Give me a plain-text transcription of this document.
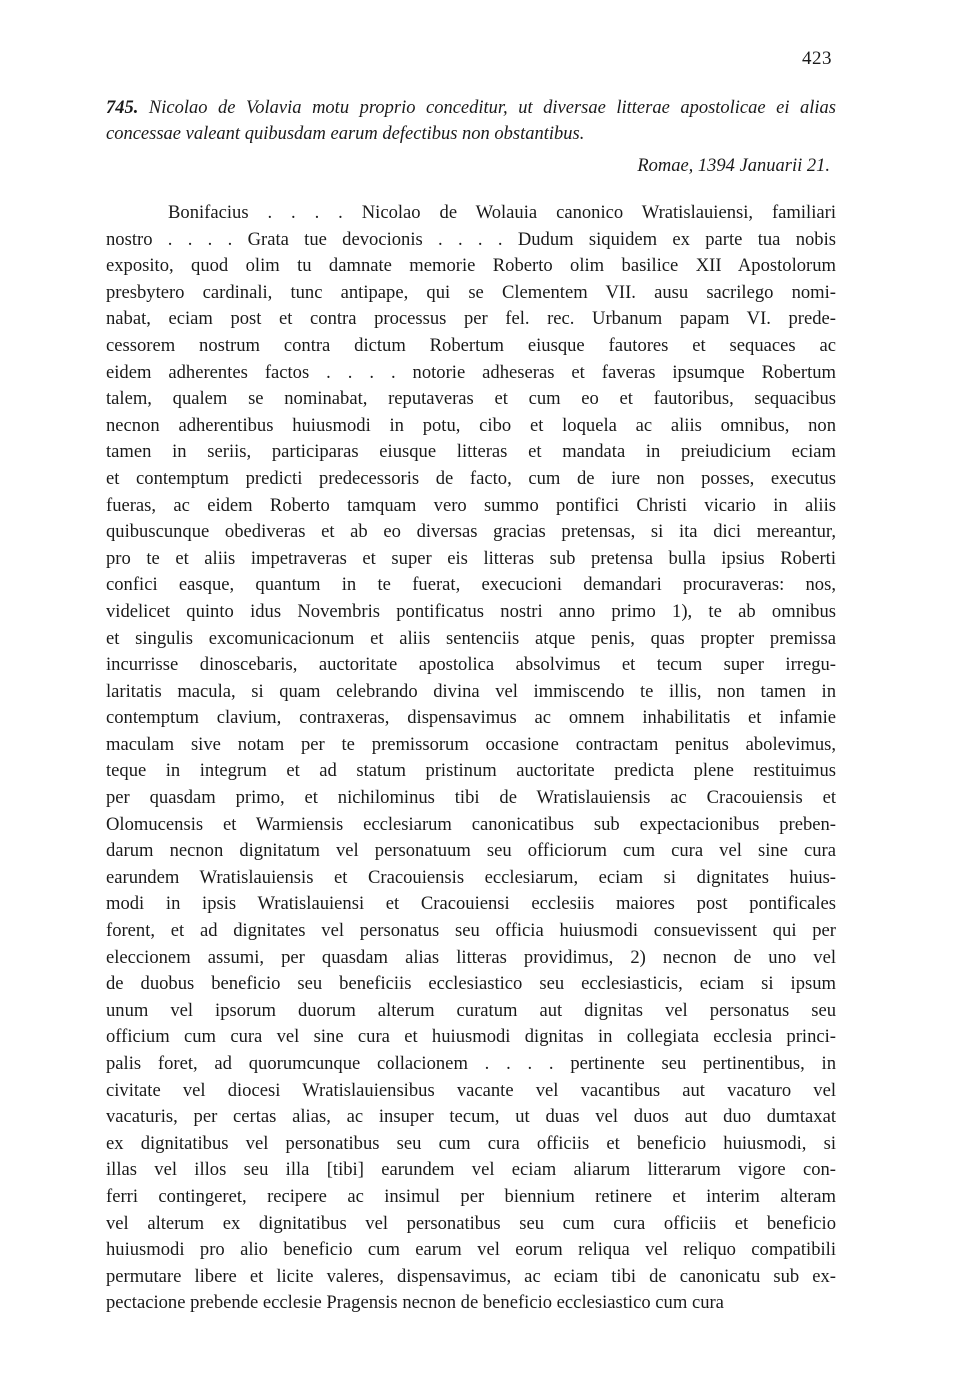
423
745. Nicolao de Volavia motu proprio conceditur, ut diversae litterae apostolicae ei alias concessae valeant quibusdam earum defectibus non obstantibus.
Romae, 1394 Januarii 21.
Bonifacius . . . . Nicolao de Wolauia canonico Wratislauiensi, familiari
nostro . . . . Grata tue devocionis . . . . Dudum siquidem ex parte tua nobis
exposito, quod olim tu damnate memorie Roberto olim basilice XII Apostolorum
presbytero cardinali, tunc antipape, qui se Clementem VII. ausu sacrilego nomi-
nabat, eciam post et contra processus per fel. rec. Urbanum papam VI. prede-
cessorem nostrum contra dictum Robertum eiusque fautores et sequaces ac
eidem adherentes factos . . . . notorie adheseras et faveras ipsumque Robertum
talem, qualem se nominabat, reputaveras et cum eo et fautoribus, sequacibus
necnon adherentibus huiusmodi in potu, cibo et loquela ac aliis omnibus, non
tamen in seriis, participaras eiusque litteras et mandata in preiudicium eciam
et contemptum predicti predecessoris de facto, cum de iure non posses, executus
fueras, ac eidem Roberto tamquam vero summo pontifici Christi vicario in aliis
quibuscunque obediveras et ab eo diversas gracias pretensas, si ita dici mereantur,
pro te et aliis impetraveras et super eis litteras sub pretensa bulla ipsius Roberti
confici easque, quantum in te fuerat, execucioni demandari procuraveras: nos,
videlicet quinto idus Novembris pontificatus nostri anno primo 1), te ab omnibus
et singulis excomunicacionum et aliis sentenciis atque penis, quas propter premissa
incurrisse dinoscebaris, auctoritate apostolica absolvimus et tecum super irregu-
laritatis macula, si quam celebrando divina vel immiscendo te illis, non tamen in
contemptum clavium, contraxeras, dispensavimus ac omnem inhabilitatis et infamie
maculam sive notam per te premissorum occasione contractam penitus abolevimus,
teque in integrum et ad statum pristinum auctoritate predicta plene restituimus
per quasdam primo, et nichilominus tibi de Wratislauiensis ac Cracouiensis et
Olomucensis et Warmiensis ecclesiarum canonicatibus sub expectacionibus preben-
darum necnon dignitatum vel personatuum seu officiorum cum cura vel sine cura
earundem Wratislauiensis et Cracouiensis ecclesiarum, eciam si dignitates huius-
modi in ipsis Wratislauiensi et Cracouiensi ecclesiis maiores post pontificales
forent, et ad dignitates vel personatus seu officia huiusmodi consuevissent qui per
eleccionem assumi, per quasdam alias litteras providimus, 2) necnon de uno vel
de duobus beneficio seu beneficiis ecclesiastico seu ecclesiasticis, eciam si ipsum
unum vel ipsorum duorum alterum curatum aut dignitas vel personatus seu
officium cum cura vel sine cura et huiusmodi dignitas in collegiata ecclesia princi-
palis foret, ad quorumcunque collacionem . . . . pertinente seu pertinentibus, in
civitate vel diocesi Wratislauiensibus vacante vel vacantibus aut vacaturo vel
vacaturis, per certas alias, ac insuper tecum, ut duas vel duos aut duo dumtaxat
ex dignitatibus vel personatibus seu cum cura officiis et beneficio huiusmodi, si
illas vel illos seu illa [tibi] earundem vel eciam aliarum litterarum vigore con-
ferri contingeret, recipere ac insimul per biennium retinere et interim alteram
vel alterum ex dignitatibus vel personatibus seu cum cura officiis et beneficio
huiusmodi pro alio beneficio cum earum vel eorum reliqua vel reliquo compatibili
permutare libere et licite valeres, dispensavimus, ac eciam tibi de canonicatu sub ex-
pectacione prebende ecclesie Pragensis necnon de beneficio ecclesiastico cum cura
